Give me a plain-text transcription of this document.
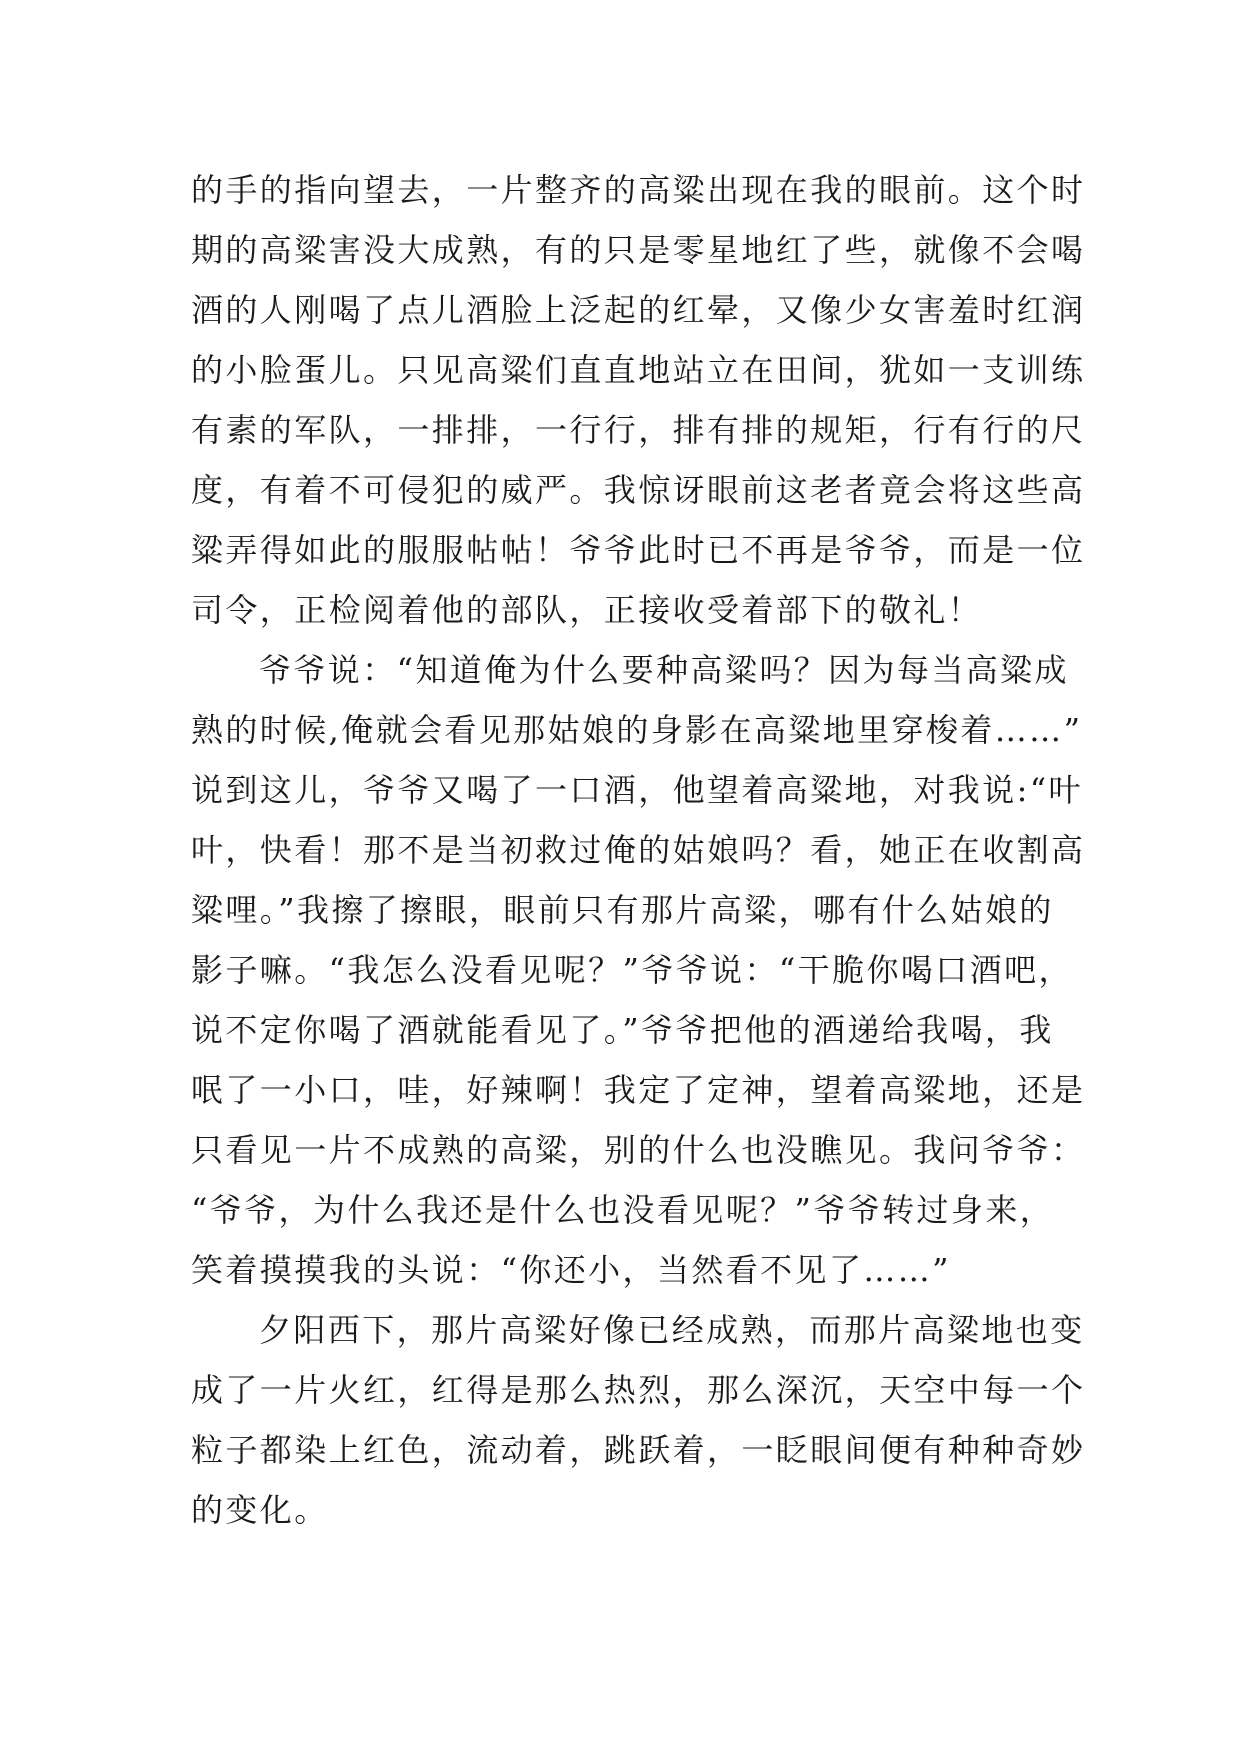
的手的指向望去，一片整齐的高粱出现在我的眼前。这个时
期的高粱害没大成熟，有的只是零星地红了些，就像不会喝
酒的人刚喝了点儿酒脸上泛起的红晕，又像少女害羞时红润
的小脸蛋儿。只见高粱们直直地站立在田间，犹如一支训练
有素的军队，一排排，一行行，排有排的规矩，行有行的尺
度，有着不可侵犯的威严。我惊讶眼前这老者竟会将这些高
粱弄得如此的服服帖帖！爷爷此时已不再是爷爷，而是一位
司令，正检阅着他的部队，正接收受着部下的敬礼！
爷爷说：“知道俺为什么要种高粱吗？因为每当高粱成
熟的时候,俺就会看见那姑娘的身影在高粱地里穿梭着……”
说到这儿，爷爷又喝了一口酒，他望着高粱地，对我说:“叶
叶，快看！那不是当初救过俺的姑娘吗？看，她正在收割高
粱哩。”我擦了擦眼，眼前只有那片高粱，哪有什么姑娘的
影子嘛。“我怎么没看见呢？”爷爷说：“干脆你喝口酒吧，
说不定你喝了酒就能看见了。”爷爷把他的酒递给我喝，我
呡了一小口，哇，好辣啊！我定了定神，望着高粱地，还是
只看见一片不成熟的高粱，别的什么也没瞧见。我问爷爷：
“爷爷，为什么我还是什么也没看见呢？”爷爷转过身来，
笑着摸摸我的头说：“你还小，当然看不见了……”
夕阳西下，那片高粱好像已经成熟，而那片高粱地也变
成了一片火红，红得是那么热烈，那么深沉，天空中每一个
粒子都染上红色，流动着，跳跃着，一眨眼间便有种种奇妙
的变化。
